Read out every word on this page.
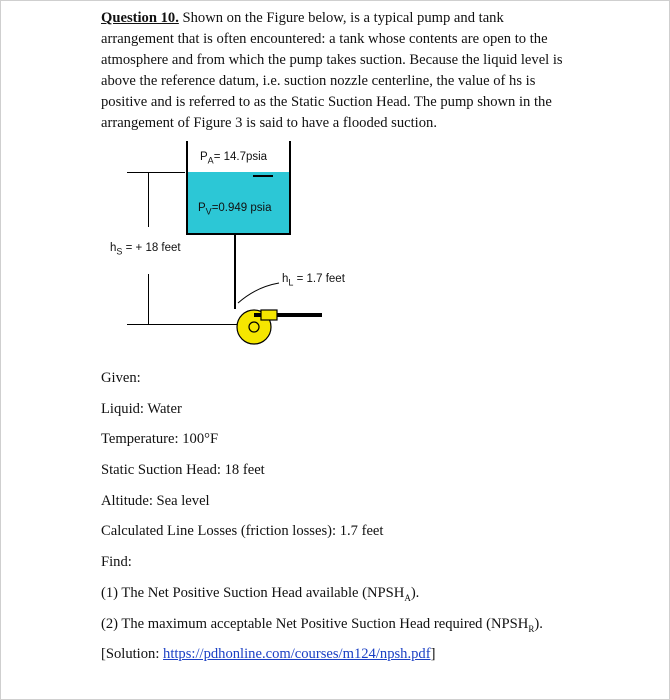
Question 10. Shown on the Figure below, is a typical pump and tank arrangement that is often encountered: a tank whose contents are open to the atmosphere and from which the pump takes suction. Because the liquid level is above the reference datum, i.e. suction nozzle centerline, the value of hs is positive and is referred to as the Static Suction Head. The pump shown in the arrangement of Figure 3 is said to have a flooded suction.

$P_A=$ 14.7psia
$P_V=0.949$ psia
$h_S$ = + 18 feet
$h_L = 1.7$ feet

Given:

Liquid: Water

Temperature: 100°F

Static Suction Head: 18 feet

Altitude: Sea level

Calculated Line Losses (friction losses): 1.7 feet

Find:

(1) The Net Positive Suction Head available $(NPSH_A)$.

(2) The maximum acceptable Net Positive Suction Head required $(NPSH_R)$.

[Solution: https://pdhonline.com/courses/m124/npsh.pdf]
